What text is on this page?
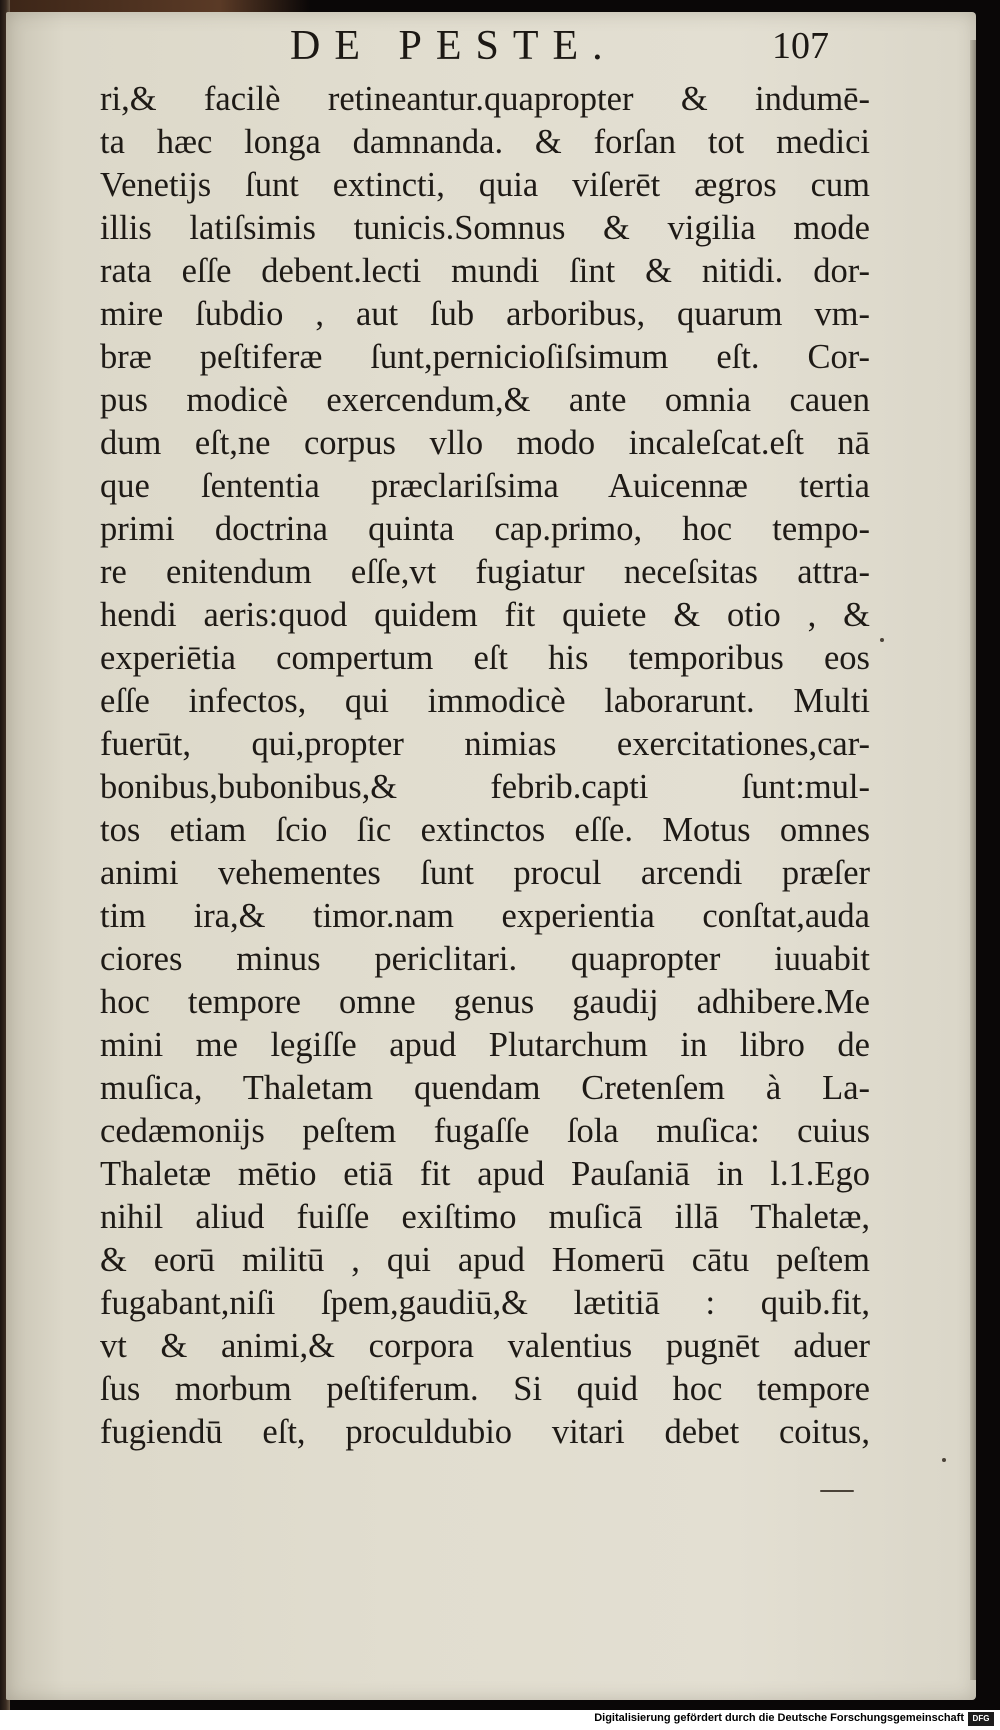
DE PESTE.	107
ri,& facilè retineantur.quapropter & indumē-
ta hæc longa damnanda. & forſan tot medici
Venetijs ſunt extincti, quia viſerēt ægros cum
illis latiſsimis tunicis.Somnus & vigilia mode
rata eſſe debent.lecti mundi ſint & nitidi. dor-
mire ſubdio , aut ſub arboribus, quarum vm-
bræ peſtiferæ ſunt,pernicioſiſsimum eſt. Cor-
pus modicè exercendum,& ante omnia cauen
dum eſt,ne corpus vllo modo incaleſcat.eſt nā
que ſententia præclariſsima Auicennæ tertia
primi doctrina quinta cap.primo, hoc tempo-
re enitendum eſſe,vt fugiatur neceſsitas attra-
hendi aeris:quod quidem fit quiete & otio , &
experiētia compertum eſt his temporibus eos
eſſe infectos, qui immodicè laborarunt. Multi
fuerūt, qui,propter nimias exercitationes,car-
bonibus,bubonibus,& febrib.capti ſunt:mul-
tos etiam ſcio ſic extinctos eſſe. Motus omnes
animi vehementes ſunt procul arcendi præſer
tim ira,& timor.nam experientia conſtat,auda
ciores minus periclitari. quapropter iuuabit
hoc tempore omne genus gaudij adhibere.Me
mini me legiſſe apud Plutarchum in libro de
muſica, Thaletam quendam Cretenſem à La-
cedæmonijs peſtem fugaſſe ſola muſica: cuius
Thaletæ mētio etiā fit apud Pauſaniā in l.1.Ego
nihil aliud fuiſſe exiſtimo muſicā illā Thaletæ,
& eorū militū , qui apud Homerū cātu peſtem
fugabant,niſi ſpem,gaudiū,& lætitiā : quib.fit,
vt & animi,& corpora valentius pugnēt aduer
ſus morbum peſtiferum. Si quid hoc tempore
fugiendū eſt, proculdubio vitari debet coitus,
Digitalisierung gefördert durch die Deutsche Forschungsgemeinschaft	DFG
